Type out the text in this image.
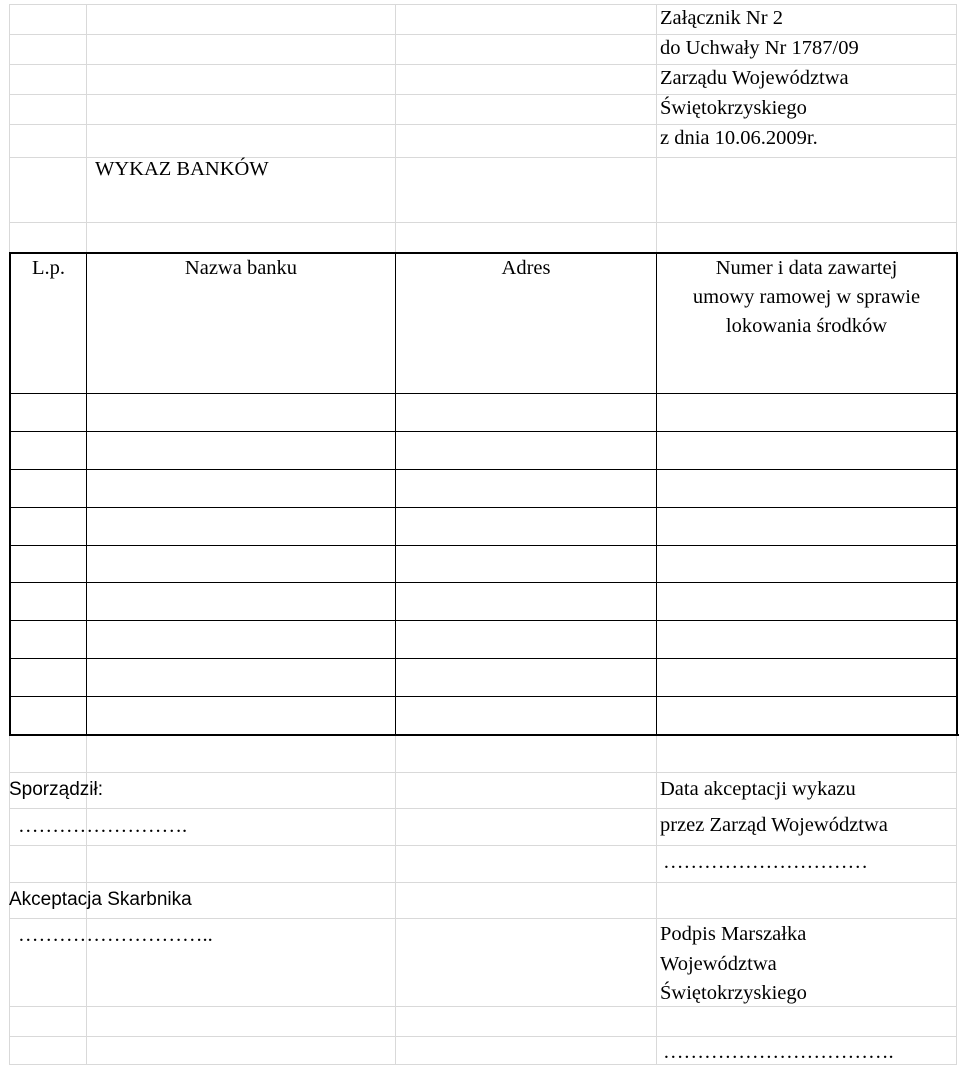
Załącznik Nr 2
do Uchwały Nr 1787/09
Zarządu Województwa
Świętokrzyskiego
z dnia 10.06.2009r.
WYKAZ BANKÓW
L.p.	Nazwa banku	Adres	Numer i data zawartej
umowy ramowej w sprawie
lokowania środków
Sporządził:
…………………….
Akceptacja Skarbnika
………………………..
Data akceptacji wykazu
przez Zarząd Województwa
…………………………
Podpis Marszałka
Województwa
Świętokrzyskiego
…………………………….
